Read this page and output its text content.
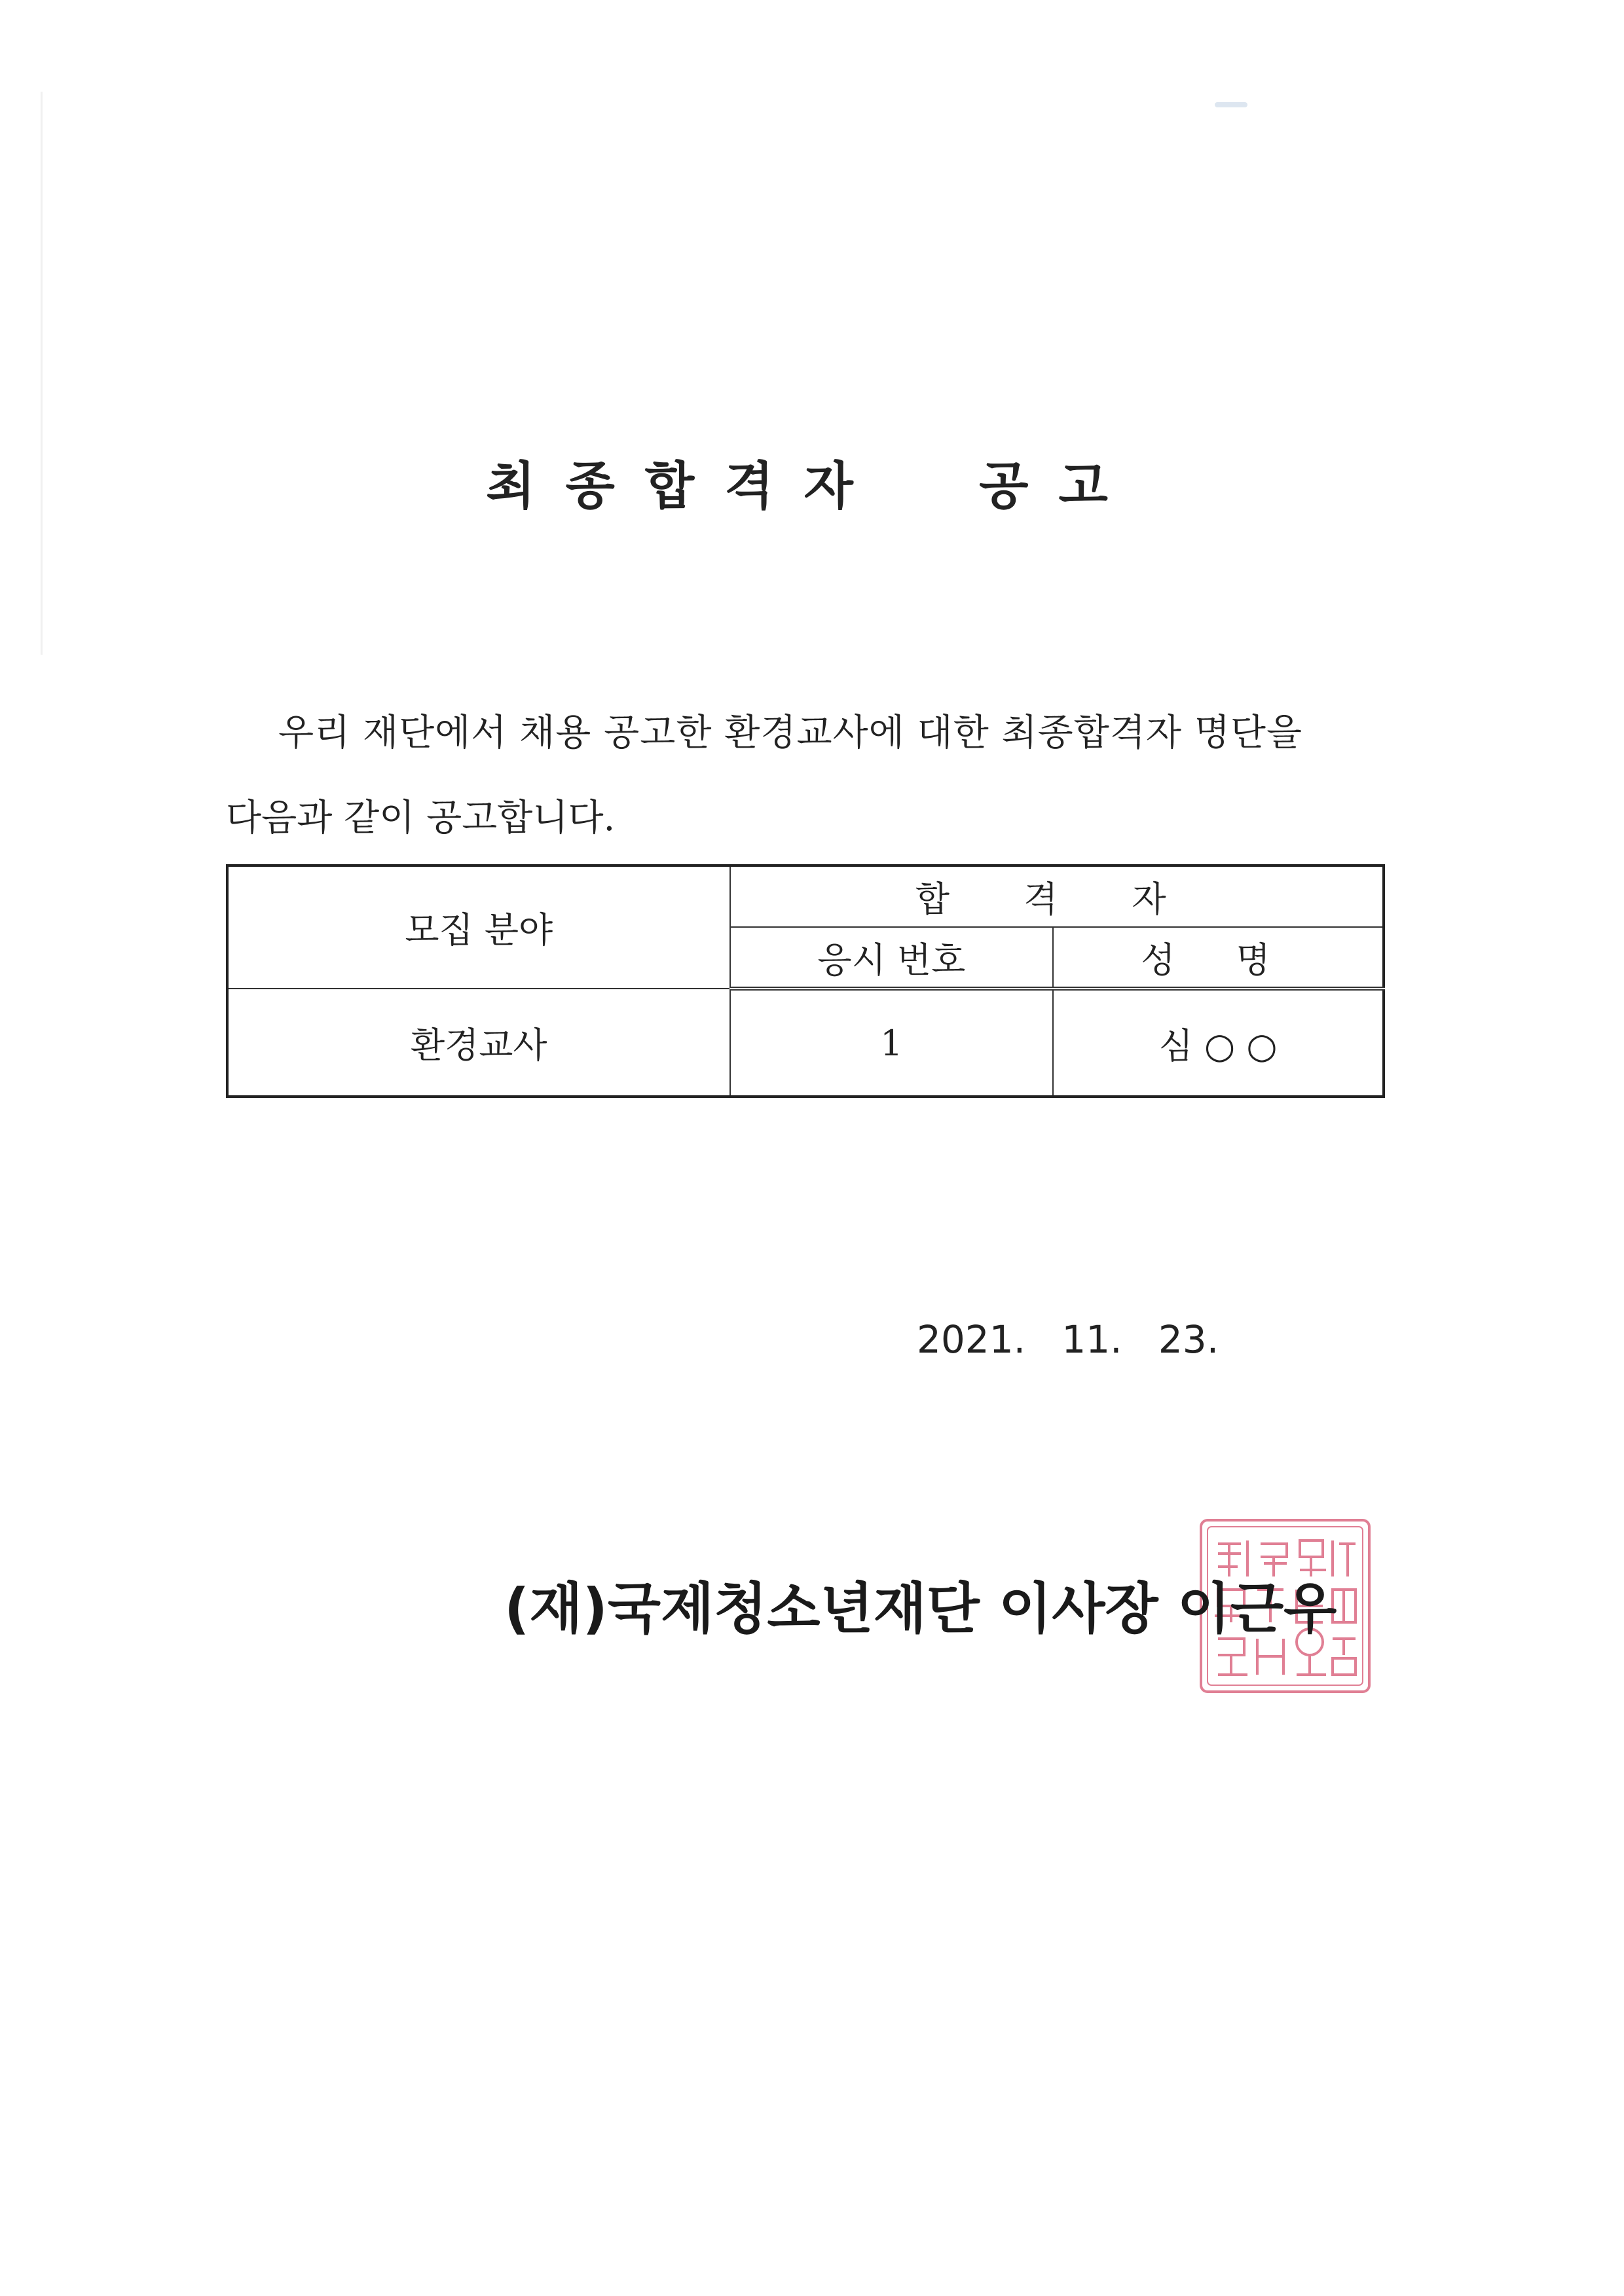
최종합격자  공고
우리 재단에서 채용 공고한 환경교사에 대한 최종합격자 명단을
다음과 같이 공고합니다.
모집 분야	합 격 자	
	응시 번호	성 명
환경교사	1	심 ○ ○
2021.   11.   23.
(재)국제청소년재단 이사장 이근우
